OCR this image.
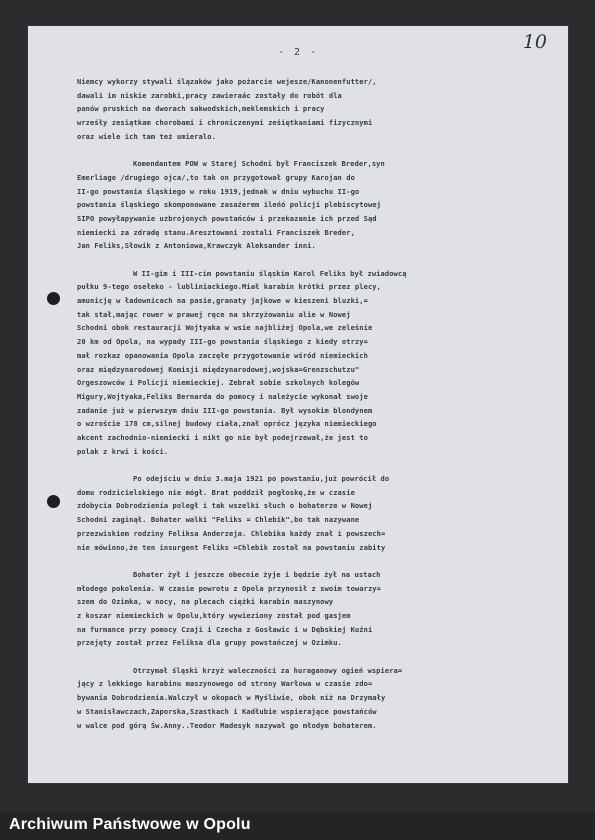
10
- 2 -
Niemcy wykorzy stywali ślązaków jako pożarcie wejesze/Kanonenfutter/,
dawali im niskie zarobki,pracy zawieraác zostały do robót dla
panów pruskich na dworach sakwodskich,meklemskich i pracy
wrześły zesiątkam chorobami i chroniczenymi ześiętkaniami fizycznymi
oraz wiele ich tam też umieralo.
Komendantem POW w Starej Schodni był Franciszek Breder,syn
Emerliage /drugiego ojca/,to tak on przygotował grupy Karojan do
II-go powstania śląskiego w roku 1919,jednak w dniu wybuchu II-go
powstania śląskiego skomponowane zasaźerem ileńó policji plebiscytowej
SIPO powyłapywanie uzbrojonych powstańców i przekazanie ich przed Sąd
niemiecki za zdradę stanu.Aresztowani zostali Franciszek Breder,
Jan Feliks,Słowik z Antoniowa,Krawczyk Aleksander inni.
W II-gim i III-cim powstaniu śląskim Karol Feliks był zwiadowcą
pułku 9-tego osełeko - lubliniackiego.Miał karabin krótki przez plecy,
amunicję w ładownicach na pasie,granaty jajkowe w kieszeni bluzki,=
tak stał,mając rower w prawej ręce na skrzyżowaniu alie w Nowej
Schodni obok restauracji Wojtyaka w wsie najbliżej Opola,we zeleśnie
20 km od Opola, na wypady III-go powstania śląskiego z kiedy otrzy=
mał rozkaz opanowania Opola zaczęłe przygotowanie wśród niemieckich
oraz międzynarodowej Komisji międzynarodowej,wojska=Grenzschutzu"
Orgeszowców i Policji niemieckiej. Zebrał sobie szkolnych kolegów
Migury,Wojtyaka,Feliks Bernarda do pomocy i należycie wykonał swoje
zadanie już w pierwszym dniu III-go powstania. Był wysokim blondynem
o wzroście 178 cm,silnej budowy ciała,znał oprócz języka niemieckiego
akcent zachodnio-niemiecki i nikt go nie był podejrzewał,że jest to
polak z krwi i kości.
Po odejściu w dniu 3.maja 1921 po powstaniu,już powrócił do
domu rodzicielskiego nie mógł. Brat poddził pogłoskę,że w czasie
zdobycia Dobrodzienia poległ i tak wszelki słuch o bohaterze w Nowej
Schodni zaginął. Bohater walki "Feliks = Chlebik",bo tak nazywane
przezwiskiem rodziny Feliksa Anderzeja. Chlebika każdy znał i powszech=
nie mówiono,że ten insurgent Feliks =Chlebik został na powstaniu zabity
Bohater żył i jeszcze obecnie żyje i będzie żył na ustach
młodego pokolenia. W czasie powrotu z Opola przynosił z swoim towarzy=
szem do Ozimka, w nocy, na plecach ciężki karabin maszynowy
z koszar niemieckich w Opolu,który wywieziony został pod gasjem
na furmance przy pomocy Czaji i Czecha z Gosławic i w Dębskiej Kuźni
przejęty został przez Feliksa dla grupy powstańczej w Ozimku.
Otrzymał śląski krzyż waleczności za huraganowy ogień wspiera=
jący z lekkiego karabinu maszynowego od strony Warłowa w czasie zdo=
bywania Dobrodzienia.Walczył w okopach w Myśliwie, obok niż na Drzymały
w Stanisławczach,Zaporska,Szastkach i Kadłubie wspierające powstańców
w walce pod górą Św.Anny..Teodor Madesyk nazywał go młodym bohaterem.
Archiwum Państwowe w Opolu
